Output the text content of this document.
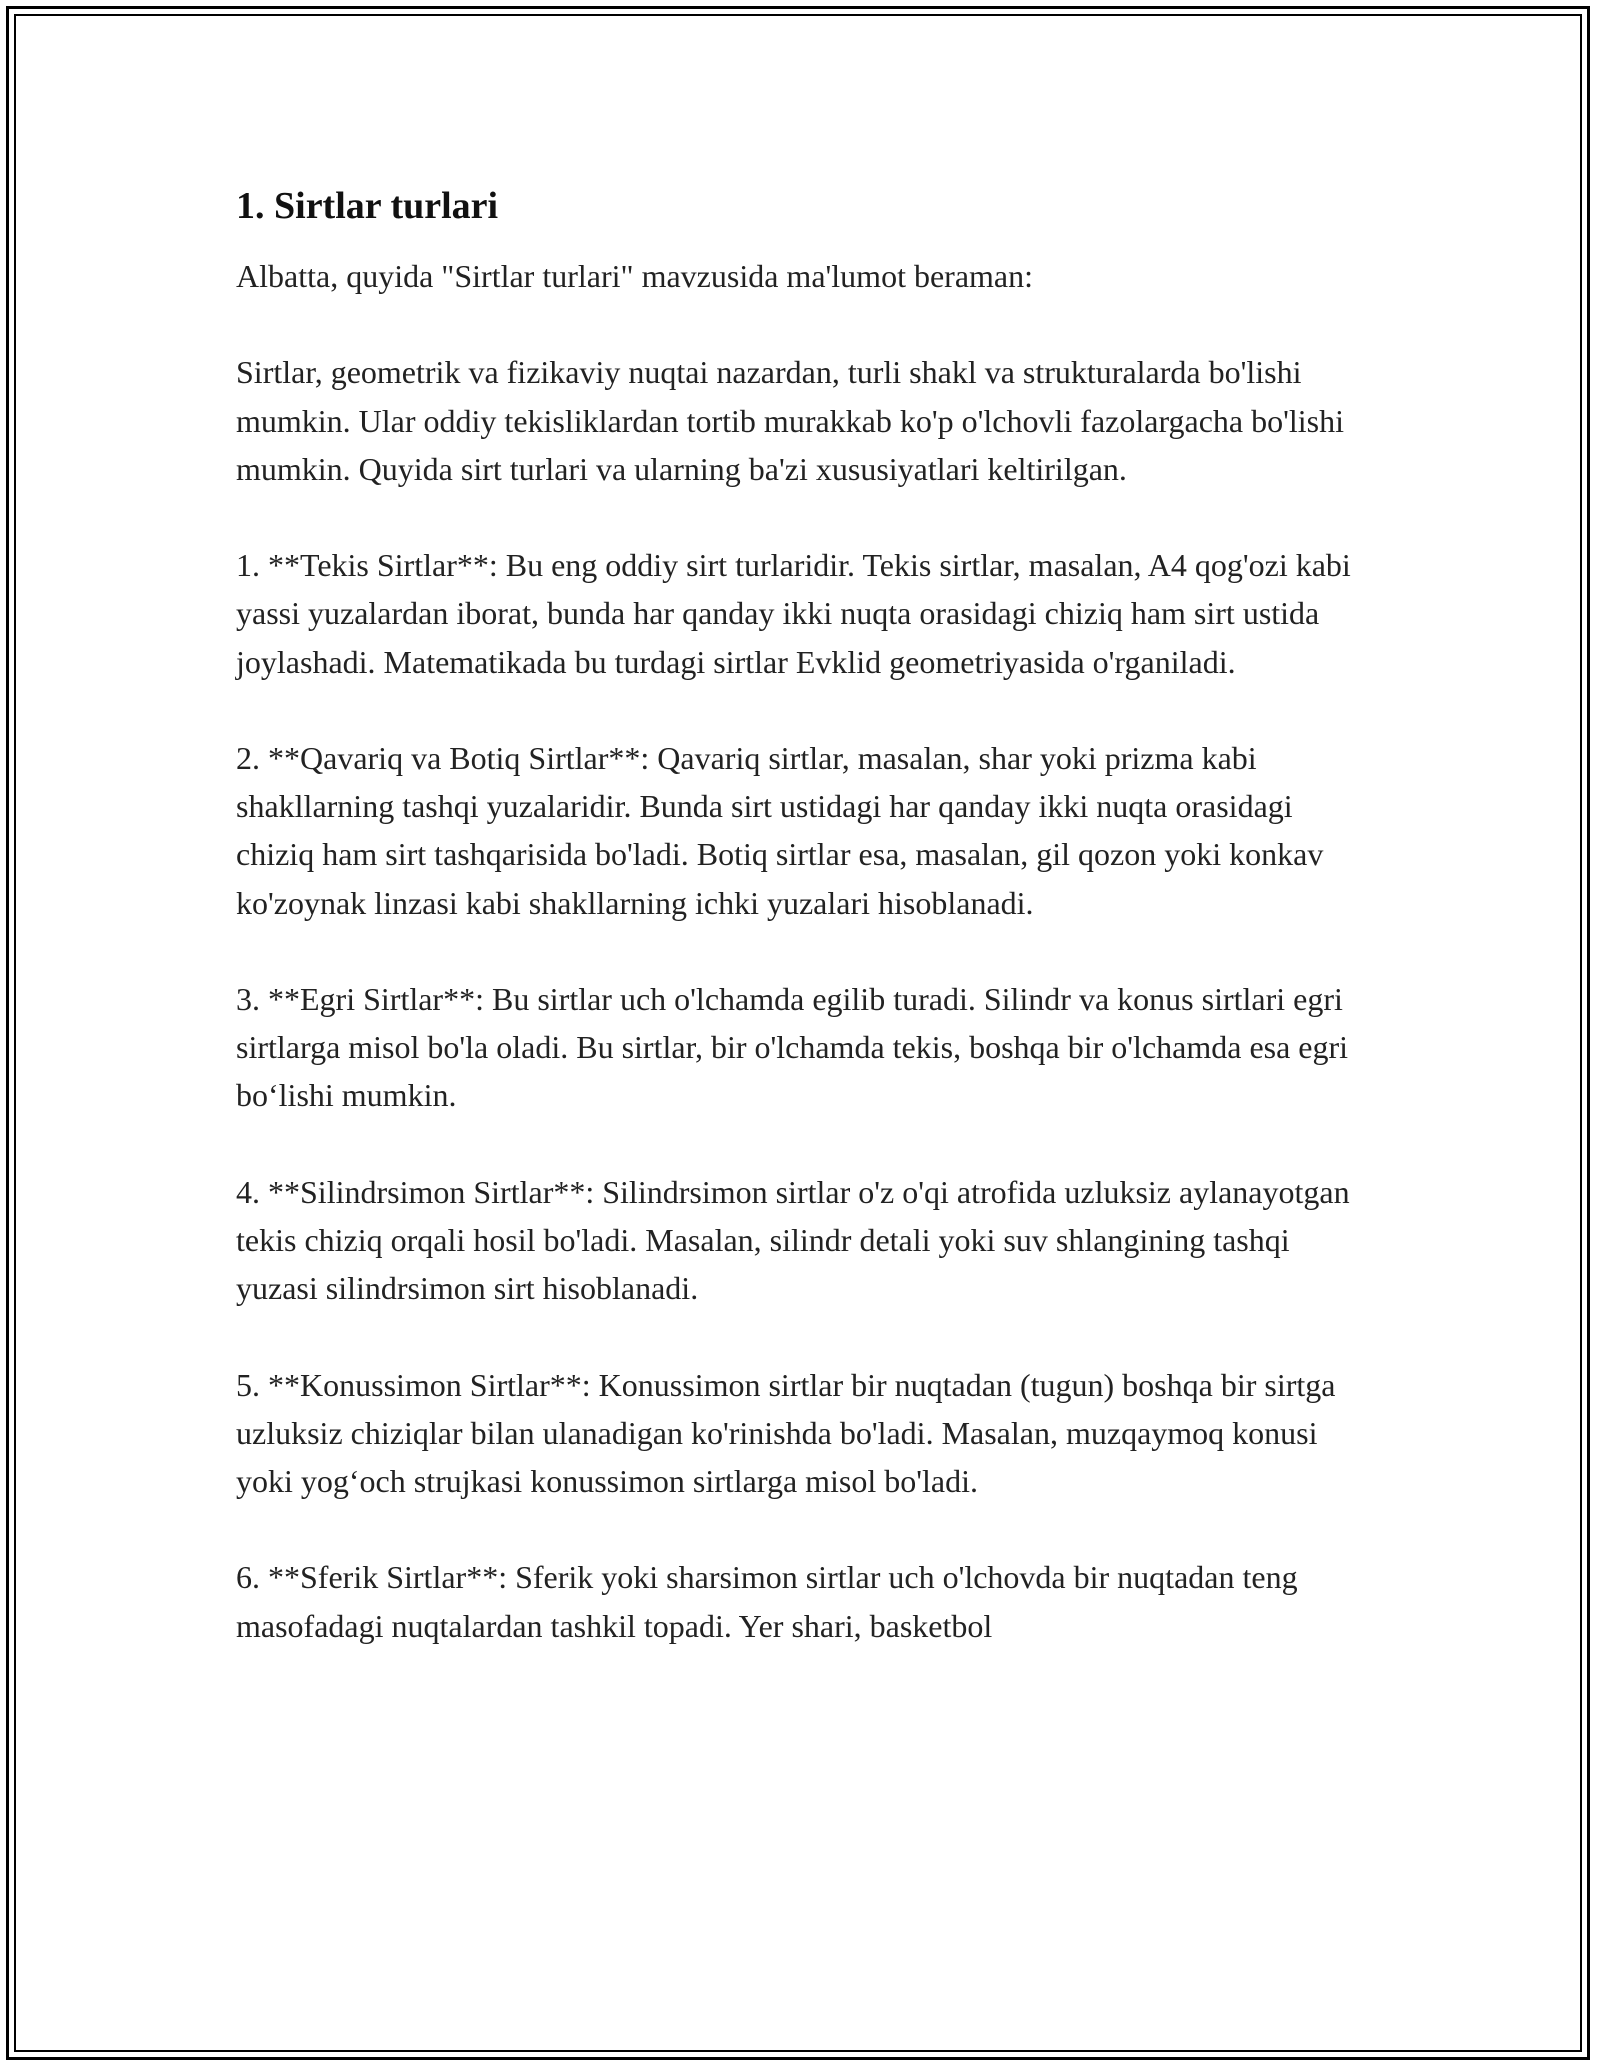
1. Sirtlar turlari

Albatta, quyida "Sirtlar turlari" mavzusida ma'lumot beraman:

Sirtlar, geometrik va fizikaviy nuqtai nazardan, turli shakl va strukturalarda bo'lishi mumkin. Ular oddiy tekisliklardan tortib murakkab ko'p o'lchovli fazolargacha bo'lishi mumkin. Quyida sirt turlari va ularning ba'zi xususiyatlari keltirilgan.

1. **Tekis Sirtlar**: Bu eng oddiy sirt turlaridir. Tekis sirtlar, masalan, A4 qog'ozi kabi yassi yuzalardan iborat, bunda har qanday ikki nuqta orasidagi chiziq ham sirt ustida joylashadi. Matematikada bu turdagi sirtlar Evklid geometriyasida o'rganiladi.

2. **Qavariq va Botiq Sirtlar**: Qavariq sirtlar, masalan, shar yoki prizma kabi shakllarning tashqi yuzalaridir. Bunda sirt ustidagi har qanday ikki nuqta orasidagi chiziq ham sirt tashqarisida bo'ladi. Botiq sirtlar esa, masalan, gil qozon yoki konkav ko'zoynak linzasi kabi shakllarning ichki yuzalari hisoblanadi.

3. **Egri Sirtlar**: Bu sirtlar uch o'lchamda egilib turadi. Silindr va konus sirtlari egri sirtlarga misol bo'la oladi. Bu sirtlar, bir o'lchamda tekis, boshqa bir o'lchamda esa egri bo‘lishi mumkin.

4. **Silindrsimon Sirtlar**: Silindrsimon sirtlar o'z o'qi atrofida uzluksiz aylanayotgan tekis chiziq orqali hosil bo'ladi. Masalan, silindr detali yoki suv shlangining tashqi yuzasi silindrsimon sirt hisoblanadi.

5. **Konussimon Sirtlar**: Konussimon sirtlar bir nuqtadan (tugun) boshqa bir sirtga uzluksiz chiziqlar bilan ulanadigan ko'rinishda bo'ladi. Masalan, muzqaymoq konusi yoki yog‘och strujkasi konussimon sirtlarga misol bo'ladi.

6. **Sferik Sirtlar**: Sferik yoki sharsimon sirtlar uch o'lchovda bir nuqtadan teng masofadagi nuqtalardan tashkil topadi. Yer shari, basketbol
